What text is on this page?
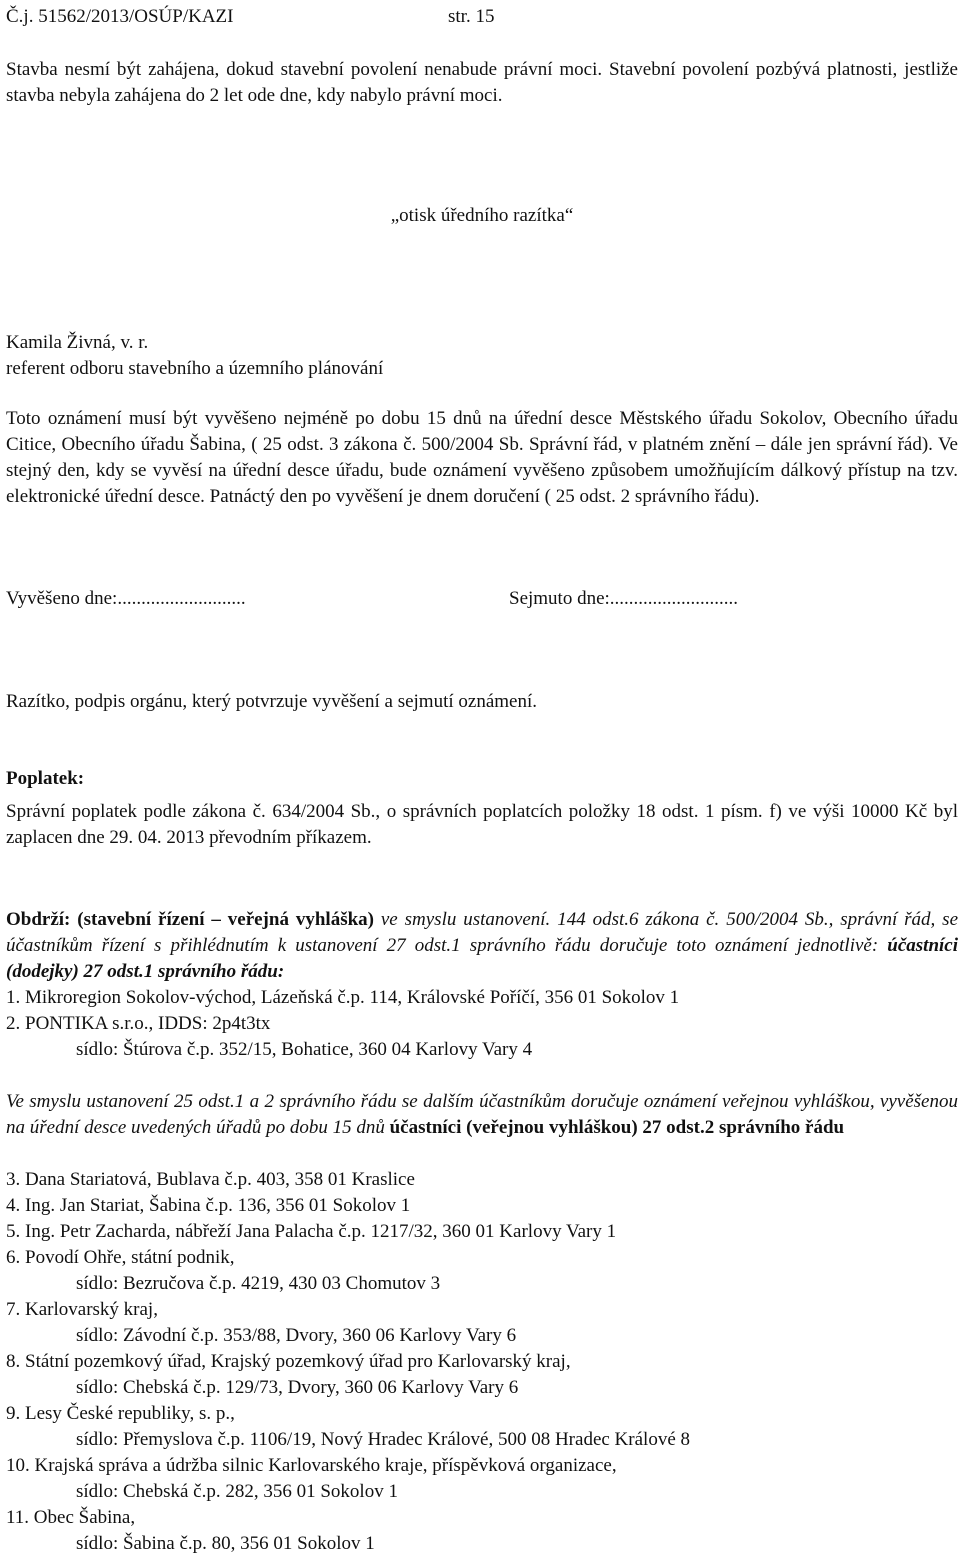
Č.j. 51562/2013/OSÚP/KAZI	str. 15
Stavba nesmí být zahájena, dokud stavební povolení nenabude právní moci. Stavební povolení pozbývá platnosti, jestliže stavba nebyla zahájena do 2 let ode dne, kdy nabylo právní moci.
„otisk úředního razítka“
Kamila Živná, v. r.
referent odboru stavebního a územního plánování
Toto oznámení musí být vyvěšeno nejméně po dobu 15 dnů na úřední desce Městského úřadu Sokolov, Obecního úřadu Citice, Obecního úřadu Šabina, ( 25 odst. 3 zákona č. 500/2004 Sb. Správní řád, v platném znění – dále jen správní řád). Ve stejný den, kdy se vyvěsí na úřední desce úřadu, bude oznámení vyvěšeno způsobem umožňujícím dálkový přístup na tzv. elektronické úřední desce. Patnáctý den po vyvěšení je dnem doručení ( 25 odst. 2 správního řádu).
Vyvěšeno dne:...........................	Sejmuto dne:...........................
Razítko, podpis orgánu, který potvrzuje vyvěšení a sejmutí oznámení.
Poplatek:
Správní poplatek podle zákona č. 634/2004 Sb., o správních poplatcích položky 18 odst. 1 písm. f) ve výši 10000 Kč byl zaplacen dne 29. 04. 2013 převodním příkazem.
Obdrží: (stavební řízení – veřejná vyhláška) ve smyslu ustanovení. 144 odst.6 zákona č. 500/2004 Sb., správní řád, se účastníkům řízení s přihlédnutím k ustanovení 27 odst.1 správního řádu doručuje toto oznámení jednotlivě: účastníci (dodejky) 27 odst.1 správního řádu:
1. Mikroregion Sokolov-východ, Lázeňská č.p. 114, Královské Poříčí, 356 01 Sokolov 1
2. PONTIKA s.r.o., IDDS: 2p4t3tx
sídlo: Štúrova č.p. 352/15, Bohatice, 360 04 Karlovy Vary 4
Ve smyslu ustanovení 25 odst.1 a 2 správního řádu se dalším účastníkům doručuje oznámení veřejnou vyhláškou, vyvěšenou na úřední desce uvedených úřadů po dobu 15 dnů účastníci (veřejnou vyhláškou) 27 odst.2 správního řádu
3. Dana Stariatová, Bublava č.p. 403, 358 01 Kraslice
4. Ing. Jan Stariat, Šabina č.p. 136, 356 01 Sokolov 1
5. Ing. Petr Zacharda, nábřeží Jana Palacha č.p. 1217/32, 360 01 Karlovy Vary 1
6. Povodí Ohře, státní podnik,
sídlo: Bezručova č.p. 4219, 430 03 Chomutov 3
7. Karlovarský kraj,
sídlo: Závodní č.p. 353/88, Dvory, 360 06 Karlovy Vary 6
8. Státní pozemkový úřad, Krajský pozemkový úřad pro Karlovarský kraj,
sídlo: Chebská č.p. 129/73, Dvory, 360 06 Karlovy Vary 6
9. Lesy České republiky, s. p.,
sídlo: Přemyslova č.p. 1106/19, Nový Hradec Králové, 500 08 Hradec Králové 8
10. Krajská správa a údržba silnic Karlovarského kraje, příspěvková organizace,
sídlo: Chebská č.p. 282, 356 01 Sokolov 1
11. Obec Šabina,
sídlo: Šabina č.p. 80, 356 01 Sokolov 1
